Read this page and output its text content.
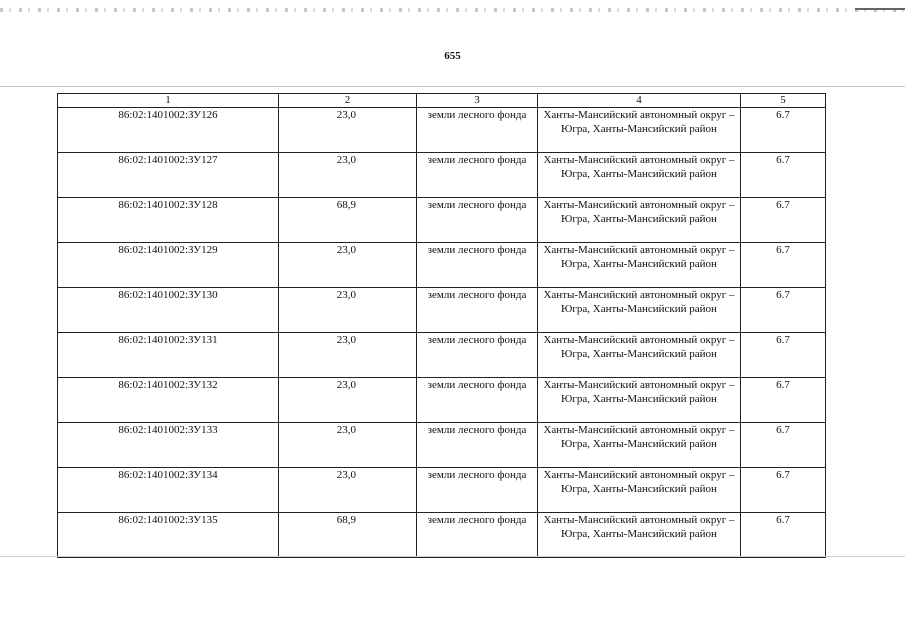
655
1	2	3	4	5
86:02:1401002:ЗУ126	23,0	земли лесного фонда	Ханты-Мансийский автономный округ – Югра, Ханты-Мансийский район	6.7
86:02:1401002:ЗУ127	23,0	земли лесного фонда	Ханты-Мансийский автономный округ – Югра, Ханты-Мансийский район	6.7
86:02:1401002:ЗУ128	68,9	земли лесного фонда	Ханты-Мансийский автономный округ – Югра, Ханты-Мансийский район	6.7
86:02:1401002:ЗУ129	23,0	земли лесного фонда	Ханты-Мансийский автономный округ – Югра, Ханты-Мансийский район	6.7
86:02:1401002:ЗУ130	23,0	земли лесного фонда	Ханты-Мансийский автономный округ – Югра, Ханты-Мансийский район	6.7
86:02:1401002:ЗУ131	23,0	земли лесного фонда	Ханты-Мансийский автономный округ – Югра, Ханты-Мансийский район	6.7
86:02:1401002:ЗУ132	23,0	земли лесного фонда	Ханты-Мансийский автономный округ – Югра, Ханты-Мансийский район	6.7
86:02:1401002:ЗУ133	23,0	земли лесного фонда	Ханты-Мансийский автономный округ – Югра, Ханты-Мансийский район	6.7
86:02:1401002:ЗУ134	23,0	земли лесного фонда	Ханты-Мансийский автономный округ – Югра, Ханты-Мансийский район	6.7
86:02:1401002:ЗУ135	68,9	земли лесного фонда	Ханты-Мансийский автономный округ – Югра, Ханты-Мансийский район	6.7
